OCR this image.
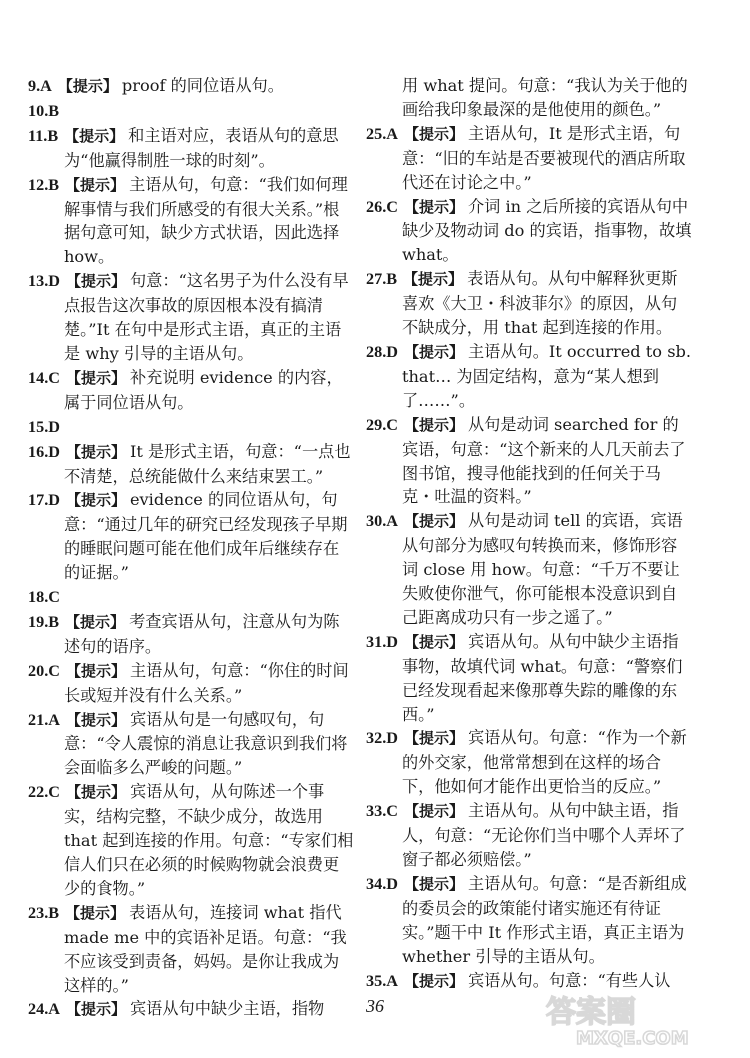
9.A 【提示】 proof 的同位语从句。
10.B
11.B 【提示】 和主语对应，表语从句的意思为“他赢得制胜一球的时刻”。
12.B 【提示】 主语从句，句意：“我们如何理解事情与我们所感受的有很大关系。”根据句意可知，缺少方式状语，因此选择 how。
13.D 【提示】 句意：“这名男子为什么没有早点报告这次事故的原因根本没有搞清楚。”It 在句中是形式主语，真正的主语是 why 引导的主语从句。
14.C 【提示】 补充说明 evidence 的内容，属于同位语从句。
15.D
16.D 【提示】 It 是形式主语，句意：“一点也不清楚，总统能做什么来结束罢工。”
17.D 【提示】 evidence 的同位语从句，句意：“通过几年的研究已经发现孩子早期的睡眠问题可能在他们成年后继续存在的证据。”
18.C
19.B 【提示】 考查宾语从句，注意从句为陈述句的语序。
20.C 【提示】 主语从句，句意：“你住的时间长或短并没有什么关系。”
21.A 【提示】 宾语从句是一句感叹句，句意：“令人震惊的消息让我意识到我们将会面临多么严峻的问题。”
22.C 【提示】 宾语从句，从句陈述一个事实，结构完整，不缺少成分，故选用 that 起到连接的作用。句意：“专家们相信人们只在必须的时候购物就会浪费更少的食物。”
23.B 【提示】 表语从句，连接词 what 指代 made me 中的宾语补足语。句意：“我不应该受到责备，妈妈。是你让我成为这样的。”
24.A 【提示】 宾语从句中缺少主语，指物
用 what 提问。句意：“我认为关于他的画给我印象最深的是他使用的颜色。”
25.A 【提示】 主语从句，It 是形式主语，句意：“旧的车站是否要被现代的酒店所取代还在讨论之中。”
26.C 【提示】 介词 in 之后所接的宾语从句中缺少及物动词 do 的宾语，指事物，故填 what。
27.B 【提示】 表语从句。从句中解释狄更斯喜欢《大卫・科波菲尔》的原因，从句不缺成分，用 that 起到连接的作用。
28.D 【提示】 主语从句。It occurred to sb. that… 为固定结构，意为“某人想到了……”。
29.C 【提示】 从句是动词 searched for 的宾语，句意：“这个新来的人几天前去了图书馆，搜寻他能找到的任何关于马克・吐温的资料。”
30.A 【提示】 从句是动词 tell 的宾语，宾语从句部分为感叹句转换而来，修饰形容词 close 用 how。句意：“千万不要让失败使你泄气，你可能根本没意识到自己距离成功只有一步之遥了。”
31.D 【提示】 宾语从句。从句中缺少主语指事物，故填代词 what。句意：“警察们已经发现看起来像那尊失踪的雕像的东西。”
32.D 【提示】 宾语从句。句意：“作为一个新的外交家，他常常想到在这样的场合下，他如何才能作出更恰当的反应。”
33.C 【提示】 主语从句。从句中缺主语，指人，句意：“无论你们当中哪个人弄坏了窗子都必须赔偿。”
34.D 【提示】 主语从句。句意：“是否新组成的委员会的政策能付诸实施还有待证实。”题干中 It 作形式主语，真正主语为 whether 引导的主语从句。
35.A 【提示】 宾语从句。句意：“有些人认
36	答案圈
MXQE.COM
